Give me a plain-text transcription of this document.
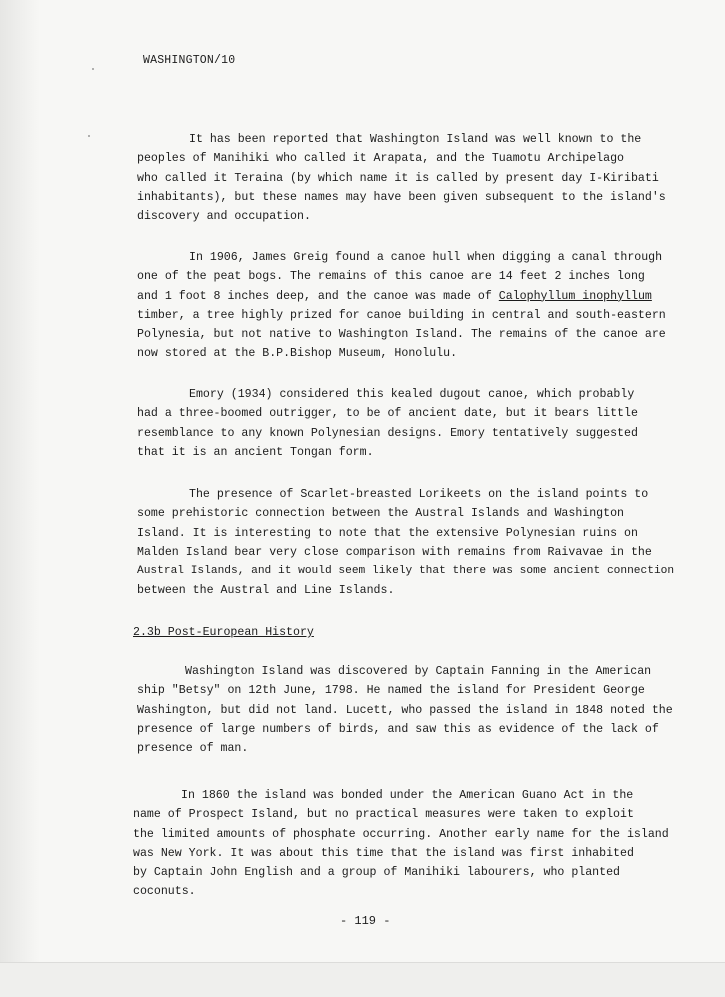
WASHINGTON/10

It has been reported that Washington Island was well known to the
peoples of Manihiki who called it Arapata, and the Tuamotu Archipelago
who called it Teraina (by which name it is called by present day I-Kiribati
inhabitants), but these names may have been given subsequent to the island's
discovery and occupation.

In 1906, James Greig found a canoe hull when digging a canal through
one of the peat bogs. The remains of this canoe are 14 feet 2 inches long
and 1 foot 8 inches deep, and the canoe was made of Calophyllum inophyllum
timber, a tree highly prized for canoe building in central and south-eastern
Polynesia, but not native to Washington Island. The remains of the canoe are
now stored at the B.P.Bishop Museum, Honolulu.

Emory (1934) considered this kealed dugout canoe, which probably
had a three-boomed outrigger, to be of ancient date, but it bears little
resemblance to any known Polynesian designs. Emory tentatively suggested
that it is an ancient Tongan form.

The presence of Scarlet-breasted Lorikeets on the island points to
some prehistoric connection between the Austral Islands and Washington
Island. It is interesting to note that the extensive Polynesian ruins on
Malden Island bear very close comparison with remains from Raivavae in the
Austral Islands, and it would seem likely that there was some ancient connection
between the Austral and Line Islands.

2.3b Post-European History

Washington Island was discovered by Captain Fanning in the American
ship "Betsy" on 12th June, 1798. He named the island for President George
Washington, but did not land. Lucett, who passed the island in 1848 noted the
presence of large numbers of birds, and saw this as evidence of the lack of
presence of man.

In 1860 the island was bonded under the American Guano Act in the
name of Prospect Island, but no practical measures were taken to exploit
the limited amounts of phosphate occurring. Another early name for the island
was New York. It was about this time that the island was first inhabited
by Captain John English and a group of Manihiki labourers, who planted
coconuts.

- 119 -
